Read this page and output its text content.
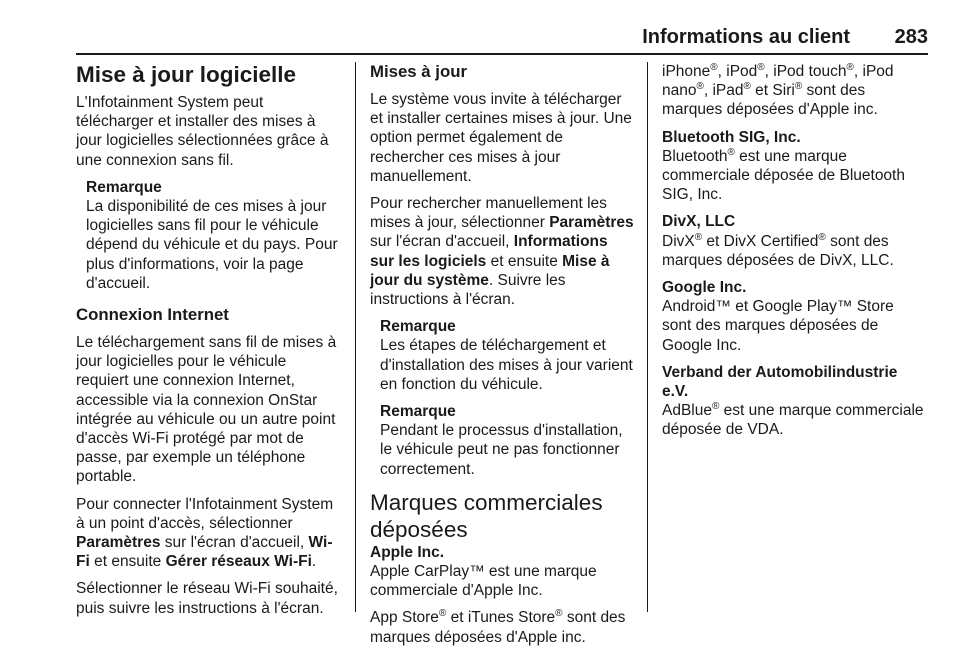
Informations au client 283
Mise à jour logicielle

L'Infotainment System peut télécharger et installer des mises à jour logicielles sélectionnées grâce à une connexion sans fil.

Remarque
La disponibilité de ces mises à jour logicielles sans fil pour le véhicule dépend du véhicule et du pays. Pour plus d'informations, voir la page d'accueil.
Connexion Internet

Le téléchargement sans fil de mises à jour logicielles pour le véhicule requiert une connexion Internet, accessible via la connexion OnStar intégrée au véhicule ou un autre point d'accès Wi-Fi protégé par mot de passe, par exemple un téléphone portable.

Pour connecter l'Infotainment System à un point d'accès, sélectionner Paramètres sur l'écran d'accueil, Wi-Fi et ensuite Gérer réseaux Wi-Fi.

Sélectionner le réseau Wi-Fi souhaité, puis suivre les instructions à l'écran.

Mises à jour

Le système vous invite à télécharger et installer certaines mises à jour. Une option permet également de rechercher ces mises à jour manuellement.

Pour rechercher manuellement les mises à jour, sélectionner Paramètres sur l'écran d'accueil, Informations sur les logiciels et ensuite Mise à jour du système. Suivre les instructions à l'écran.

Remarque
Les étapes de téléchargement et d'installation des mises à jour varient en fonction du véhicule.
Remarque
Pendant le processus d'installation, le véhicule peut ne pas fonctionner correctement.
Marques commerciales déposées
Apple Inc.

Apple CarPlay™ est une marque commerciale d'Apple Inc.

App Store® et iTunes Store® sont des marques déposées d'Apple inc.

iPhone®, iPod®, iPod touch®, iPod nano®, iPad® et Siri® sont des marques déposées d'Apple inc.

Bluetooth SIG, Inc.

Bluetooth® est une marque commerciale déposée de Bluetooth SIG, Inc.

DivX, LLC

DivX® et DivX Certified® sont des marques déposées de DivX, LLC.

Google Inc.

Android™ et Google Play™ Store sont des marques déposées de Google Inc.

Verband der Automobilindustrie e.V.

AdBlue® est une marque commerciale déposée de VDA.
